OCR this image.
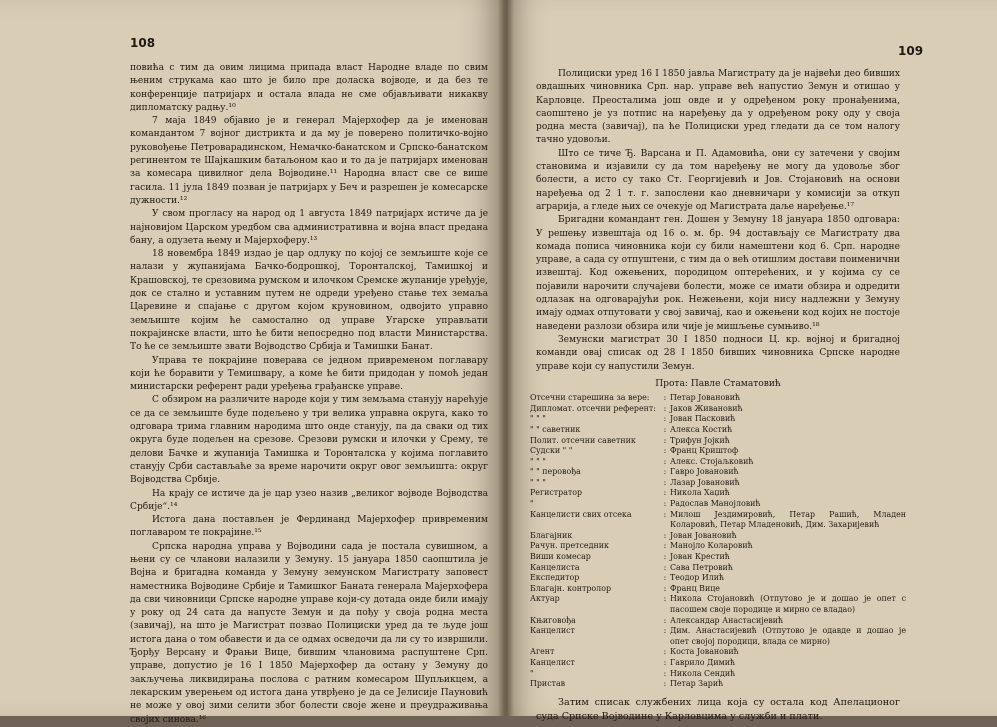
108

повића с тим да овим лицима припада власт Народне владе по свим њеним струкама као што је било пре доласка војводе, и да без те конференције патријарх и остала влада не сме објављивати никакву дипломатску радњу.¹⁰

7 маја 1849 објавио је и генерал Мајерхофер да је именован командантом 7 војног дистрикта и да му је поверено политичко-војно руковођење Петроварадинском, Немачко-банатском и Српско-банатском регинентом те Шајкашким батаљоном као и то да је патријарх именован за комесара цивилног дела Војводине.¹¹ Народна власт све се више гасила. 11 јула 1849 позван је патријарх у Беч и разрешен је комесарске дужности.¹²

У свом прогласу на народ од 1 августа 1849 патријарх истиче да је најновијом Царском уредбом сва административна и војна власт предана бану, а одузета њему и Мајерхоферу.¹³

18 новембра 1849 издао је цар одлуку по којој се земљиште које се налази у жупанијама Бачко-бодрошкој, Торонталској, Тамишкој и Крашовској, те срезовима румском и илочком Сремске жупаније уређује, док се стално и уставним путем не одреди уређено стање тех земаља Царевине и спајање с другом којом круновином, одвојито управно земљиште којим ће самостално од управе Угарске управљати покрајинске власти, што ће бити непосредно под власти Министарства. То ће се земљиште звати Војводство Србија и Тамишки Банат.

Управа те покрајине поверава се једном привременом поглавару који ће боравити у Темишвару, а коме ће бити придодан у помоћ један министарски референт ради уређења грађанске управе.

С обзиром на различите народе који у тим земљама станују нарећује се да се земљиште буде подељено у три велика управна округа, како то одговара трима главним народима што онде станују, па да сваки од тих округа буде подељен на срезове. Срезови румски и илочки у Срему, те делови Бачке и жупанија Тамишка и Торонталска у којима поглавито станују Срби састављаће за време нарочити округ овог земљишта: округ Војводства Србије.

На крају се истиче да је цар узео назив „великог војводе Војводства Србије“.¹⁴

Истога дана постављен је Фердинанд Мајерхофер привременим поглаваром те покрајине.¹⁵

Српска народна управа у Војводини сада је постала сувишном, а њени су се чланови налазили у Земуну. 15 јануара 1850 саопштила је Војна и бригадна команда у Земуну земунском Магистрату заповест наместника Војводине Србије и Тамишког Баната генерала Мајерхофера да сви чиновници Српске народне управе који-су дотада онде били имају у року од 24 сата да напусте Земун и да пођу у своја родна места (завичај), на што је Магистрат позвао Полициски уред да те људе још истога дана о том обавести и да се одмах осведочи да ли су то извршили. Ђорђу Версану и Фрањи Вице, бившим члановима распуштене Срп. управе, допустио је 16 I 1850 Мајерхофер да остану у Земуну до закључења ликвидирања послова с ратним комесаром Шупљикцем, а лекарским уверењем од истога дана утврђено је да се Јелисије Пауновић не може у овој зими селити због болести своје жене и преудраживања својих синова.¹⁶

109

Полициски уред 16 I 1850 јавља Магистрату да је највећи део бивших овдашњих чиновника Срп. нар. управе већ напустио Земун и отишао у Карловце. Преосталима још овде и у одређеном року пронађенима, саопштено је уз потпис на наређењу да у одређеном року оду у своја родна места (завичај), па ће Полициски уред гледати да се том налогу тачно удовољи.

Што се тиче Ђ. Варсана и П. Адамовића, они су затечени у својим становима и изјавили су да том наређењу не могу да удовоље због болести, а исто су тако Ст. Георгијевић и Јов. Стојановић на основи наређења од 2 1 т. г. запослени као дневничари у комисији за откуп аграрија, а гледе њих се очекује од Магистрата даље наређење.¹⁷

Бригадни командант ген. Дошен у Земуну 18 јануара 1850 одговара: У решењу извештаја од 16 о. м. бр. 94 достављају се Магистрату два комада пописа чиновника који су били намештени код 6. Срп. народне управе, а сада су отпуштени, с тим да о већ отишлим достави поименични извештај. Код ожењених, породицом оптерећених, и у којима су се појавили нарочити случајеви болести, може се имати обзира и одредити одлазак на одговарајући рок. Нежењени, који нису надлежни у Земуну имају одмах отпутовати у свој завичај, као и ожењени код којих не постоје наведени разлози обзира или чије је мишљење сумњиво.¹⁸

Земунски магистрат 30 I 1850 подноси Ц. кр. војној и бригадној команди овај списак од 28 I 1850 бивших чиновника Српске народне управе који су напустили Земун.

Прота: Павле Стаматовић
Отсечни старешина за вере:	:	Петар Јовановић
Дипломат. отсечни референт:	:	Јаков Живановић
" " "	:	Јован Пасковић
" " саветник	:	Алекса Костић
Полит. отсечни саветник	:	Трифун Јојкић
Судски " "	:	Франц Криштоф
" " "	:	Алекс. Стојаљковић
" " перовођа	:	Гавро Јовановић
" " "	:	Лазар Јовановић
Регистратор	:	Никола Хаџић
"	:	Радослав Манојловић
Канцелисти свих отсека	:	Милош Јездимировић, Петар Рашић, Младен Коларовић, Петар Младеновић, Дим. Захаријевић
Благајник	:	Јован Јовановић
Рачун. претседник	:	Манојло Коларовић
Виши комесар	:	Јован Крестић
Канцелиста	:	Сава Петровић
Експедитор	:	Теодор Илић
Благајн. контролор	:	Франц Вице
Актуар	:	Никола Стојановић (Отпутово је и дошао је опет с пасошем своје породице и мирно се владао)
Књиговођа	:	Александар Анастасијевић
Канцелист	:	Дим. Анастасијевић (Отпутово је одавде и дошао је опет својој породици, влада се мирно)
Агент	:	Коста Јовановић
Канцелист	:	Гаврило Димић
"	:	Никола Сендић
Пристав	:	Петар Зарић

Затим списак службених лица која су остала код Апелационог суда Српске Војводине у Карловцима у служби и плати.
